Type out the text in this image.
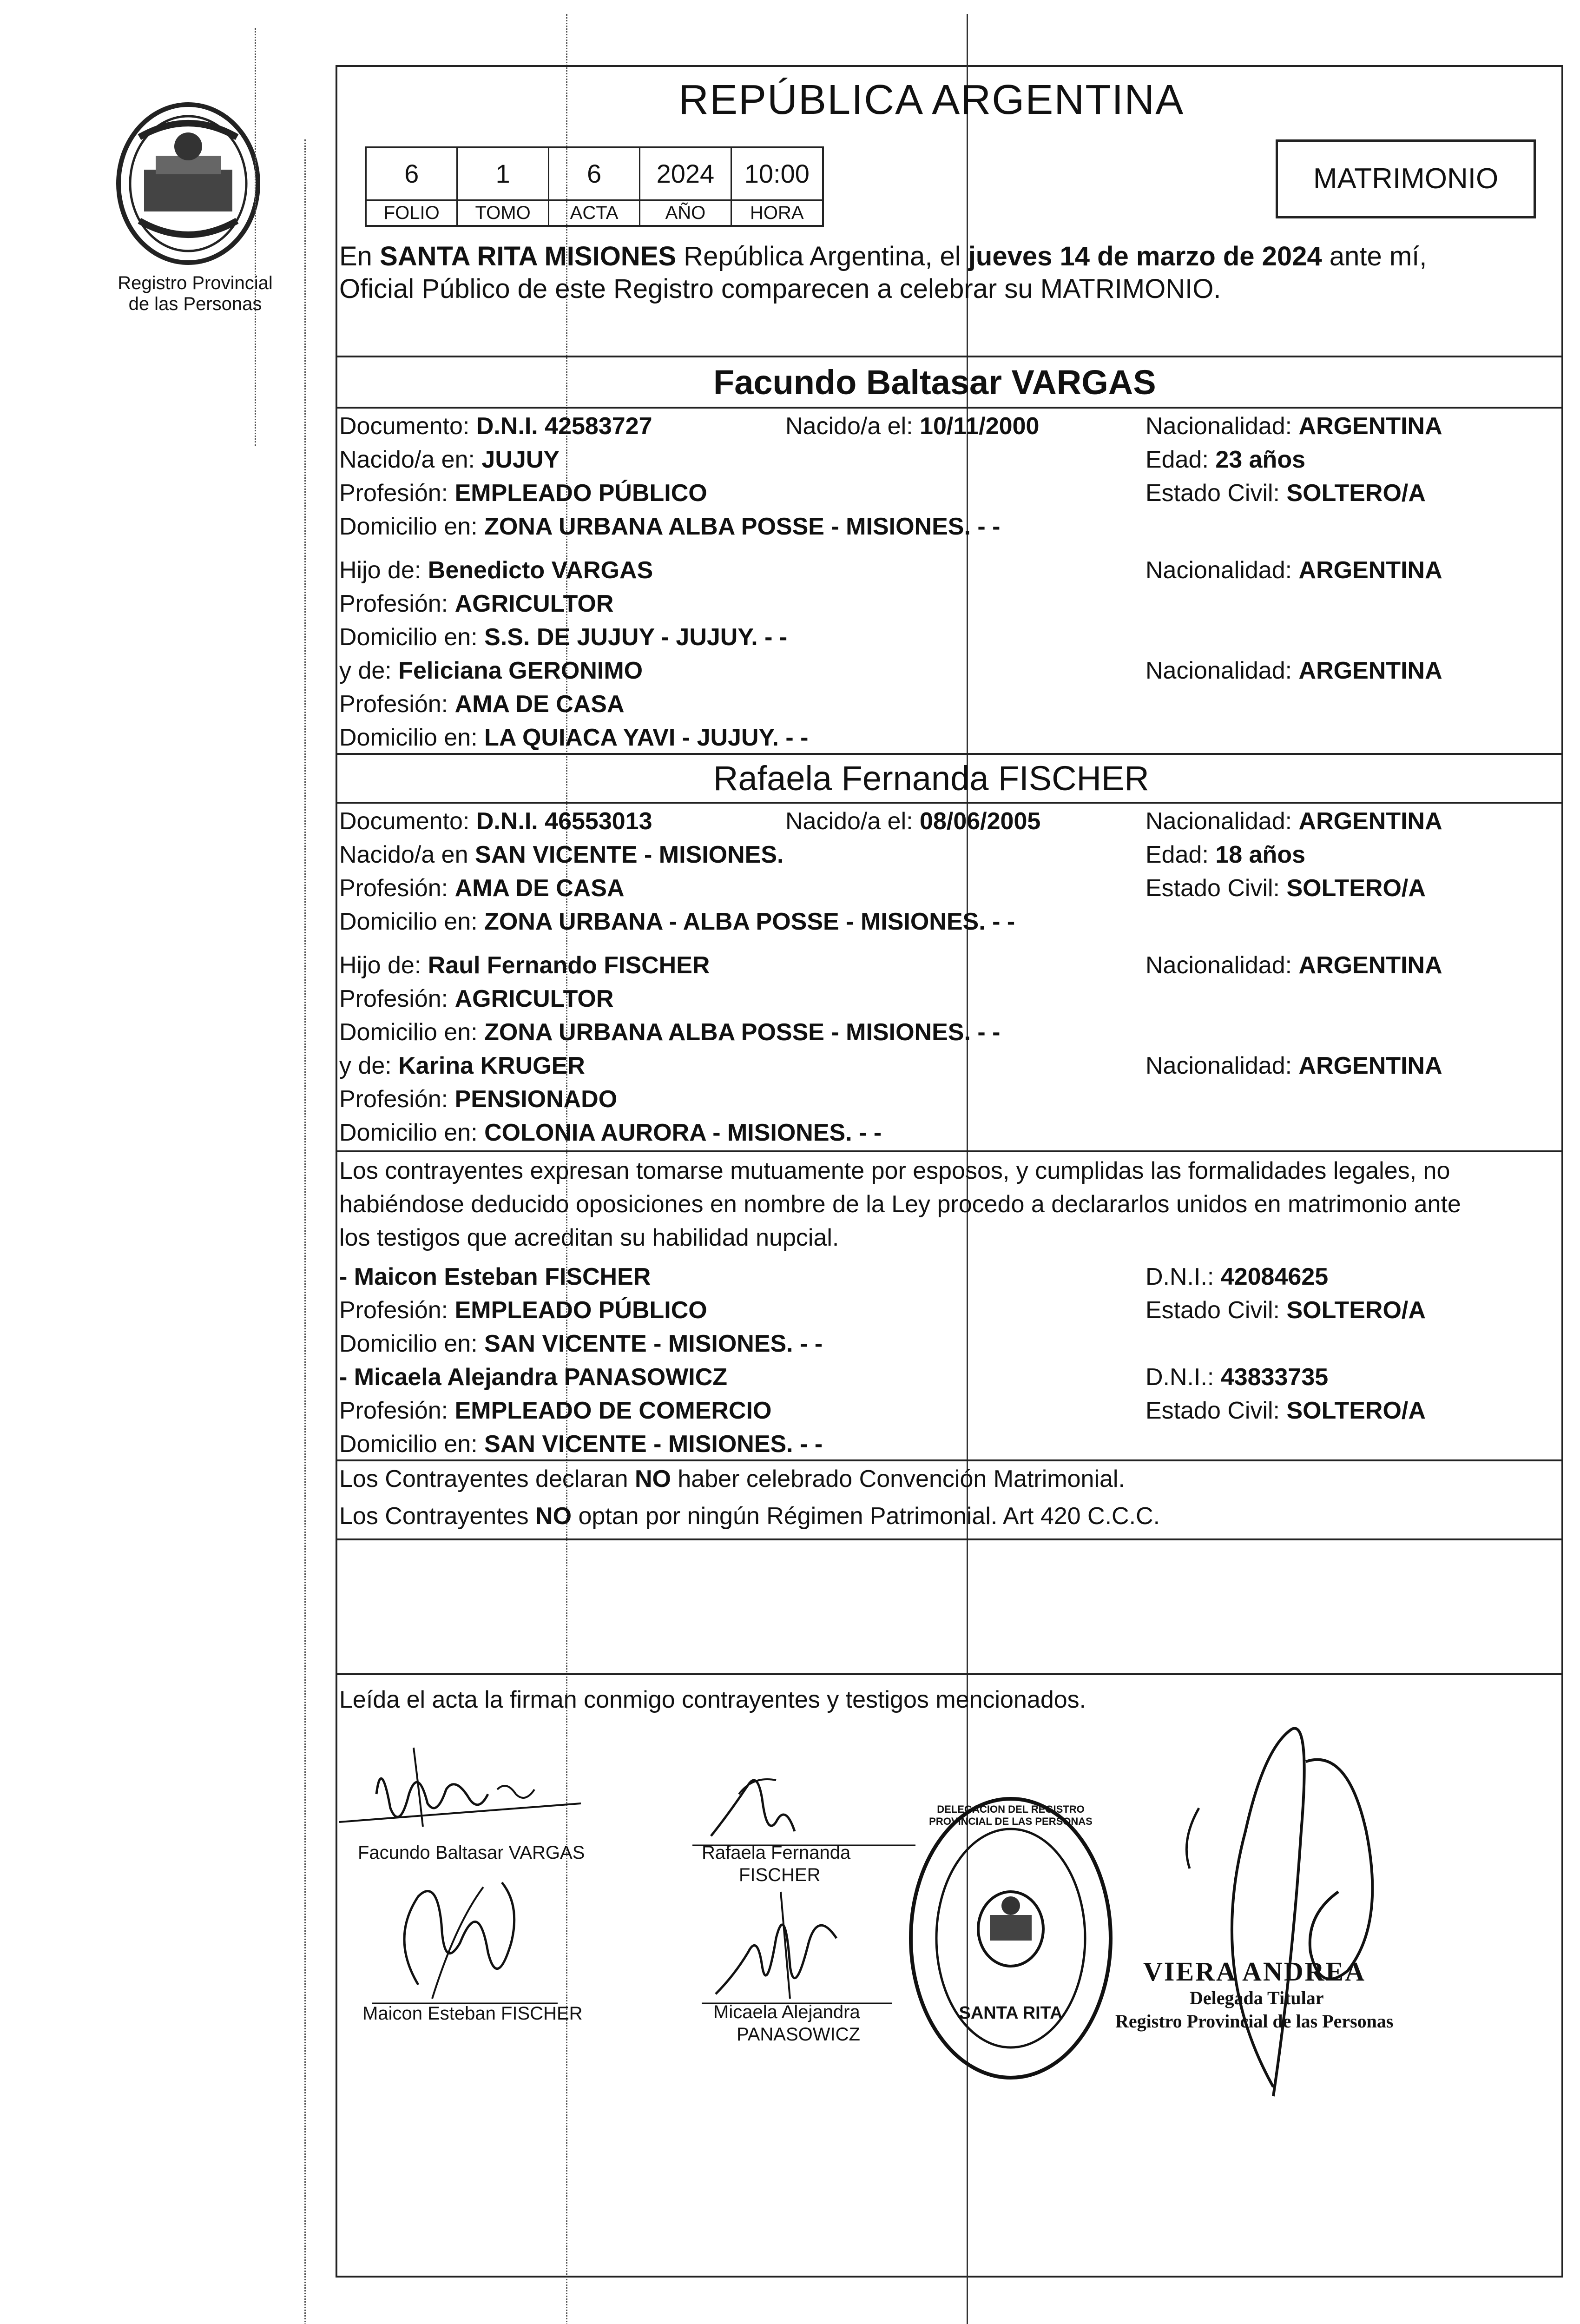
Registro Provincial
de las Personas
REPÚBLICA ARGENTINA
6	1	6	2024	10:00
FOLIO	TOMO	ACTA	AÑO	HORA
MATRIMONIO
En SANTA RITA MISIONES República Argentina, el jueves 14 de marzo de 2024 ante mí,
Oficial Público de este Registro comparecen a celebrar su MATRIMONIO.
Facundo Baltasar VARGAS
Documento: D.N.I. 42583727	Nacido/a el: 10/11/2000	Nacionalidad: ARGENTINA
Nacido/a en: JUJUY	Edad: 23 años
Profesión: EMPLEADO PÚBLICO	Estado Civil: SOLTERO/A
Domicilio en: ZONA URBANA ALBA POSSE - MISIONES. - -
Hijo de: Benedicto VARGAS	Nacionalidad: ARGENTINA
Profesión: AGRICULTOR
Domicilio en: S.S. DE JUJUY - JUJUY. - -
y de: Feliciana GERONIMO	Nacionalidad: ARGENTINA
Profesión: AMA DE CASA
Domicilio en: LA QUIACA YAVI - JUJUY. - -
Rafaela Fernanda FISCHER
Documento: D.N.I. 46553013	Nacido/a el: 08/06/2005	Nacionalidad: ARGENTINA
Nacido/a en SAN VICENTE - MISIONES.	Edad: 18 años
Profesión: AMA DE CASA	Estado Civil: SOLTERO/A
Domicilio en: ZONA URBANA - ALBA POSSE - MISIONES. - -
Hijo de: Raul Fernando FISCHER	Nacionalidad: ARGENTINA
Profesión: AGRICULTOR
Domicilio en: ZONA URBANA ALBA POSSE - MISIONES. - -
y de: Karina KRUGER	Nacionalidad: ARGENTINA
Profesión: PENSIONADO
Domicilio en: COLONIA AURORA - MISIONES. - -
Los contrayentes expresan tomarse mutuamente por esposos, y cumplidas las formalidades legales, no
habiéndose deducido oposiciones en nombre de la Ley procedo a declararlos unidos en matrimonio ante
los testigos que acreditan su habilidad nupcial.
- Maicon Esteban FISCHER	D.N.I.: 42084625
Profesión: EMPLEADO PÚBLICO	Estado Civil: SOLTERO/A
Domicilio en: SAN VICENTE - MISIONES. - -
- Micaela Alejandra PANASOWICZ	D.N.I.: 43833735
Profesión: EMPLEADO DE COMERCIO	Estado Civil: SOLTERO/A
Domicilio en: SAN VICENTE - MISIONES. - -
Los Contrayentes declaran NO haber celebrado Convención Matrimonial.
Los Contrayentes NO optan por ningún Régimen Patrimonial. Art 420 C.C.C.
Leída el acta la firman conmigo contrayentes y testigos mencionados.
Facundo Baltasar VARGAS	Rafaela Fernanda
FISCHER
Maicon Esteban FISCHER	Micaela Alejandra
PANASOWICZ
SANTA RITA
DELEGACION DEL REGISTRO PROVINCIAL DE LAS PERSONAS
VIERA ANDREA
Delegada Titular
Registro Provincial de las Personas
